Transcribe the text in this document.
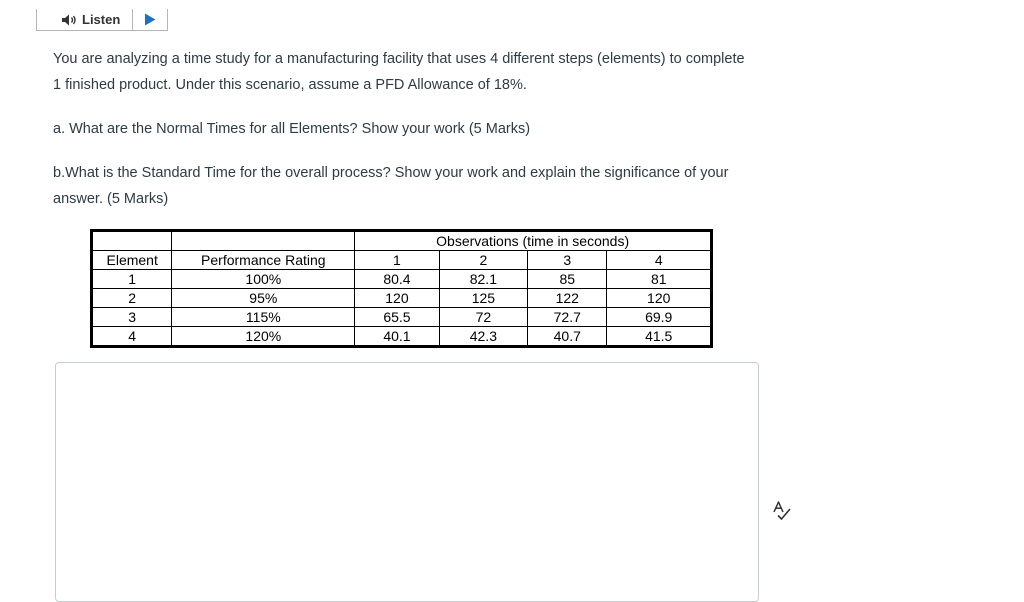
Listen
You are analyzing a time study for a manufacturing facility that uses 4 different steps (elements) to complete 1 finished product. Under this scenario, assume a PFD Allowance of 18%.
a. What are the Normal Times for all Elements? Show your work (5 Marks)
b.What is the Standard Time for the overall process? Show your work and explain the significance of your answer. (5 Marks)
		Observations (time in seconds)			
Element	Performance Rating	1	2	3	4
1	100%	80.4	82.1	85	81
2	95%	120	125	122	120
3	115%	65.5	72	72.7	69.9
4	120%	40.1	42.3	40.7	41.5
